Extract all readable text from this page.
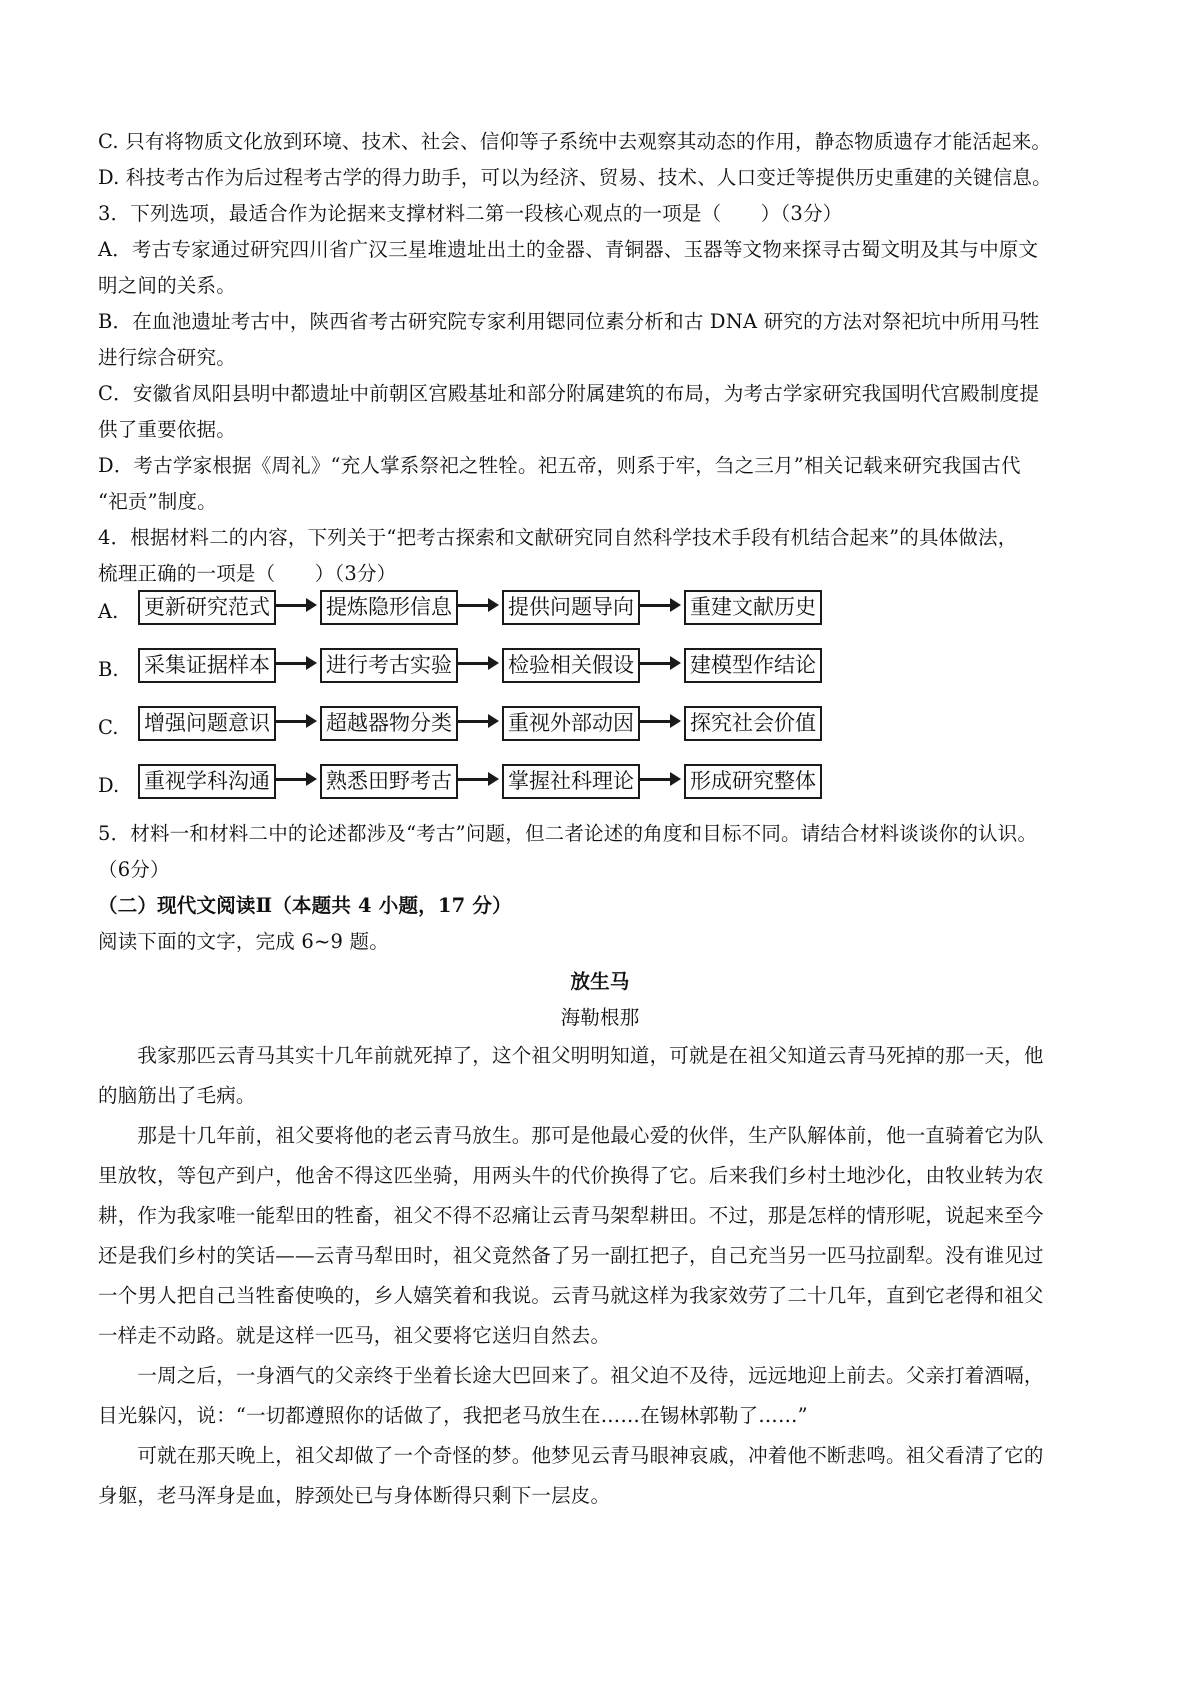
C. 只有将物质文化放到环境、技术、社会、信仰等子系统中去观察其动态的作用，静态物质遗存才能活起来。
D. 科技考古作为后过程考古学的得力助手，可以为经济、贸易、技术、人口变迁等提供历史重建的关键信息。
3．下列选项，最适合作为论据来支撑材料二第一段核心观点的一项是（　　）（3分）
A．考古专家通过研究四川省广汉三星堆遗址出土的金器、青铜器、玉器等文物来探寻古蜀文明及其与中原文
明之间的关系。
B．在血池遗址考古中，陕西省考古研究院专家利用锶同位素分析和古 DNA 研究的方法对祭祀坑中所用马牲
进行综合研究。
C．安徽省凤阳县明中都遗址中前朝区宫殿基址和部分附属建筑的布局，为考古学家研究我国明代宫殿制度提
供了重要依据。
D．考古学家根据《周礼》“充人掌系祭祀之牲牷。祀五帝，则系于牢，刍之三月”相关记载来研究我国古代
“祀贡”制度。
4．根据材料二的内容，下列关于“把考古探索和文献研究同自然科学技术手段有机结合起来”的具体做法，
梳理正确的一项是（　　）（3分）
A. 更新研究范式	提炼隐形信息	提供问题导向	重建文献历史
B. 采集证据样本	进行考古实验	检验相关假设	建模型作结论
C. 增强问题意识	超越器物分类	重视外部动因	探究社会价值
D. 重视学科沟通	熟悉田野考古	掌握社科理论	形成研究整体
5．材料一和材料二中的论述都涉及“考古”问题，但二者论述的角度和目标不同。请结合材料谈谈你的认识。
（6分）
（二）现代文阅读Ⅱ（本题共 4 小题，17 分）
阅读下面的文字，完成 6~9 题。
放生马
海勒根那
　　我家那匹云青马其实十几年前就死掉了，这个祖父明明知道，可就是在祖父知道云青马死掉的那一天，他
的脑筋出了毛病。
　　那是十几年前，祖父要将他的老云青马放生。那可是他最心爱的伙伴，生产队解体前，他一直骑着它为队
里放牧，等包产到户，他舍不得这匹坐骑，用两头牛的代价换得了它。后来我们乡村土地沙化，由牧业转为农
耕，作为我家唯一能犁田的牲畜，祖父不得不忍痛让云青马架犁耕田。不过，那是怎样的情形呢，说起来至今
还是我们乡村的笑话——云青马犁田时，祖父竟然备了另一副扛把子，自己充当另一匹马拉副犁。没有谁见过
一个男人把自己当牲畜使唤的，乡人嬉笑着和我说。云青马就这样为我家效劳了二十几年，直到它老得和祖父
一样走不动路。就是这样一匹马，祖父要将它送归自然去。
　　一周之后，一身酒气的父亲终于坐着长途大巴回来了。祖父迫不及待，远远地迎上前去。父亲打着酒嗝，
目光躲闪，说：“一切都遵照你的话做了，我把老马放生在……在锡林郭勒了……”
　　可就在那天晚上，祖父却做了一个奇怪的梦。他梦见云青马眼神哀戚，冲着他不断悲鸣。祖父看清了它的
身躯，老马浑身是血，脖颈处已与身体断得只剩下一层皮。
